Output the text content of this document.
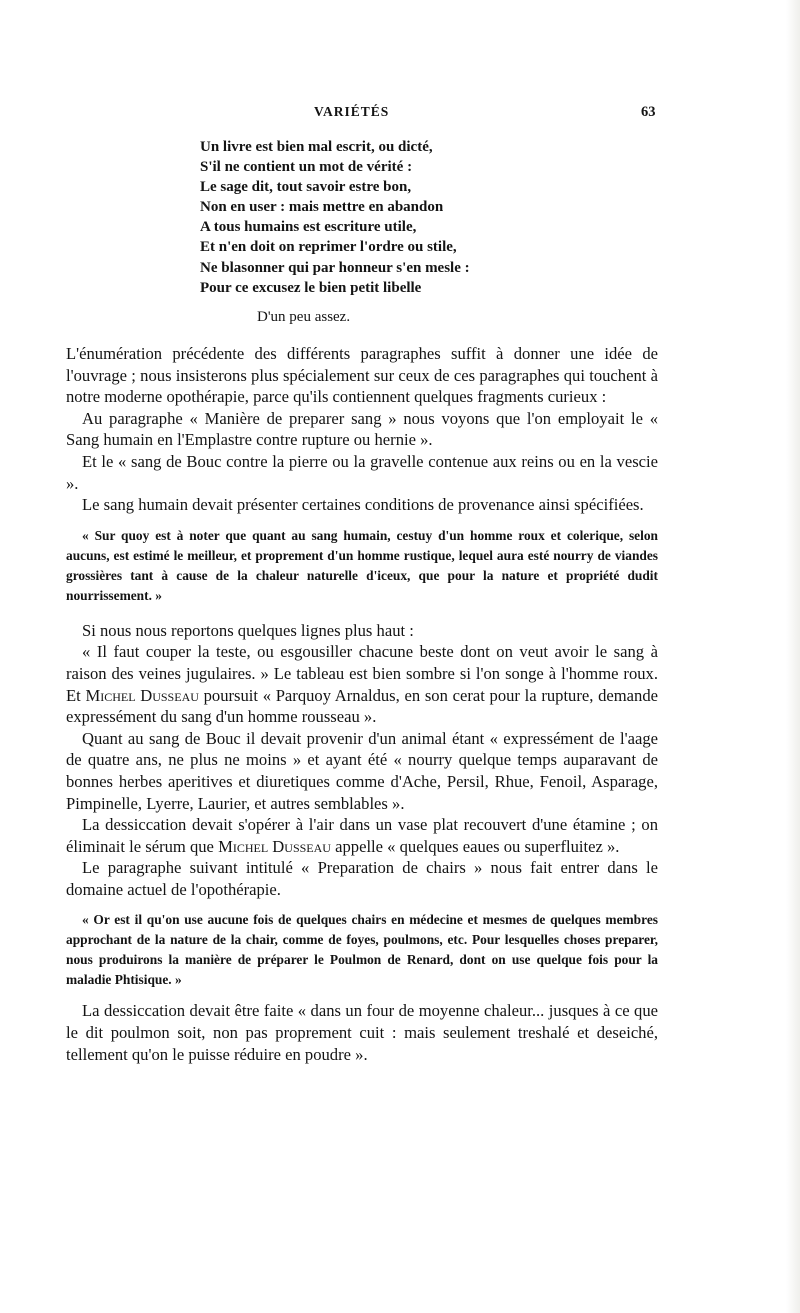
VARIÉTÉS	63
Un livre est bien mal escrit, ou dicté,
S'il ne contient un mot de vérité :
Le sage dit, tout savoir estre bon,
Non en user : mais mettre en abandon
A tous humains est escriture utile,
Et n'en doit on reprimer l'ordre ou stile,
Ne blasonner qui par honneur s'en mesle :
Pour ce excusez le bien petit libelle
D'un peu assez.

L'énumération précédente des différents paragraphes suffit à donner une idée de l'ouvrage ; nous insisterons plus spécialement sur ceux de ces paragraphes qui touchent à notre moderne opothérapie, parce qu'ils contiennent quelques fragments curieux :

Au paragraphe « Manière de preparer sang » nous voyons que l'on employait le « Sang humain en l'Emplastre contre rupture ou hernie ».

Et le « sang de Bouc contre la pierre ou la gravelle contenue aux reins ou en la vescie ».

Le sang humain devait présenter certaines conditions de provenance ainsi spécifiées.

« Sur quoy est à noter que quant au sang humain, cestuy d'un homme roux et colerique, selon aucuns, est estimé le meilleur, et proprement d'un homme rustique, lequel aura esté nourry de viandes grossières tant à cause de la chaleur naturelle d'iceux, que pour la nature et propriété dudit nourrissement. »

Si nous nous reportons quelques lignes plus haut :

« Il faut couper la teste, ou esgousiller chacune beste dont on veut avoir le sang à raison des veines jugulaires. » Le tableau est bien sombre si l'on songe à l'homme roux. Et Michel Dusseau poursuit « Parquoy Arnaldus, en son cerat pour la rupture, demande expressément du sang d'un homme rousseau ».

Quant au sang de Bouc il devait provenir d'un animal étant « expressément de l'aage de quatre ans, ne plus ne moins » et ayant été « nourry quelque temps auparavant de bonnes herbes aperitives et diuretiques comme d'Ache, Persil, Rhue, Fenoil, Asparage, Pimpinelle, Lyerre, Laurier, et autres semblables ».

La dessiccation devait s'opérer à l'air dans un vase plat recouvert d'une étamine ; on éliminait le sérum que Michel Dusseau appelle « quelques eaues ou superfluitez ».

Le paragraphe suivant intitulé « Preparation de chairs » nous fait entrer dans le domaine actuel de l'opothérapie.

« Or est il qu'on use aucune fois de quelques chairs en médecine et mesmes de quelques membres approchant de la nature de la chair, comme de foyes, poulmons, etc. Pour lesquelles choses preparer, nous produirons la manière de préparer le Poulmon de Renard, dont on use quelque fois pour la maladie Phtisique. »

La dessiccation devait être faite « dans un four de moyenne chaleur... jusques à ce que le dit poulmon soit, non pas proprement cuit : mais seulement treshalé et deseiché, tellement qu'on le puisse réduire en poudre ».
